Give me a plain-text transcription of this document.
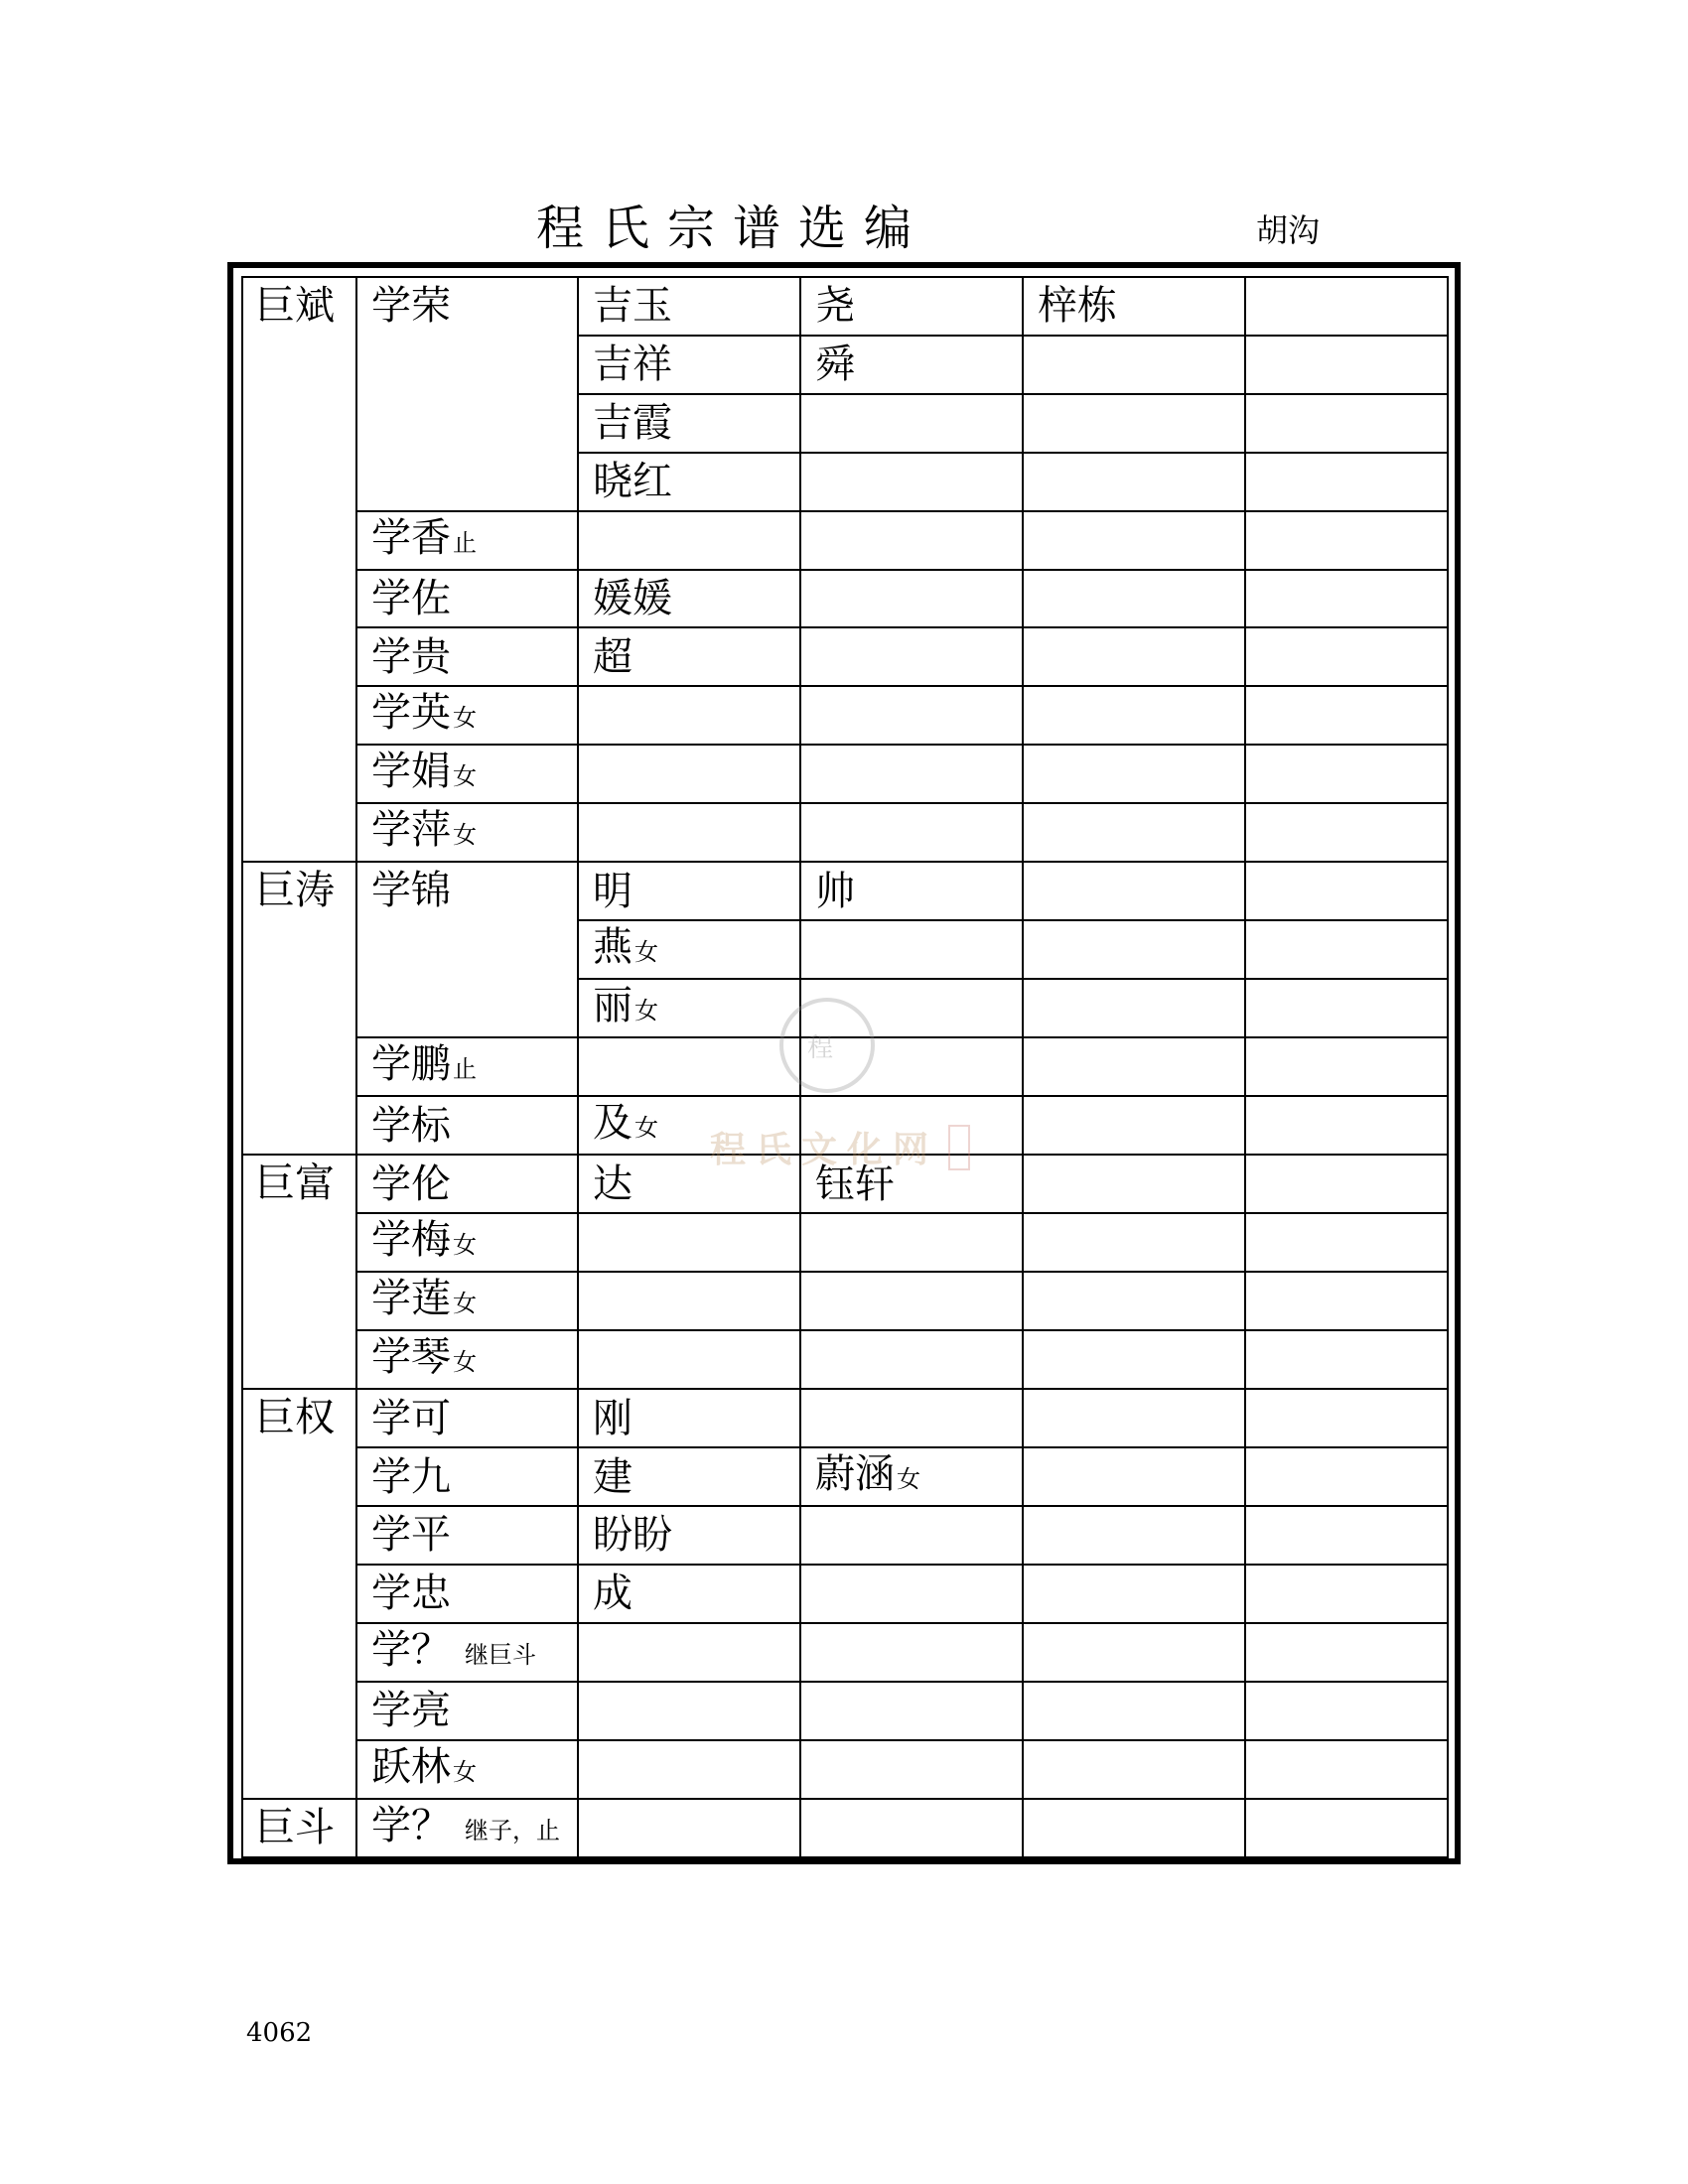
程氏宗谱选编	胡沟
巨斌	学荣	吉玉	尧	梓栋	
		吉祥	舜		
		吉霞			
		晓红			
	学香止				
	学佐	媛媛			
	学贵	超			
	学英女				
	学娟女				
	学萍女				
巨涛	学锦	明	帅		
		燕女			
		丽女			
	学鹏止				
	学标	及女			
巨富	学伦	达	钰轩		
	学梅女				
	学莲女				
	学琴女				
巨权	学可	刚			
	学九	建	蔚涵女		
	学平	盼盼			
	学忠	成			
	学？ 继巨斗				
	学亮				
	跃林女				
巨斗	学？ 继子，止				
程
程氏文化网
4062
